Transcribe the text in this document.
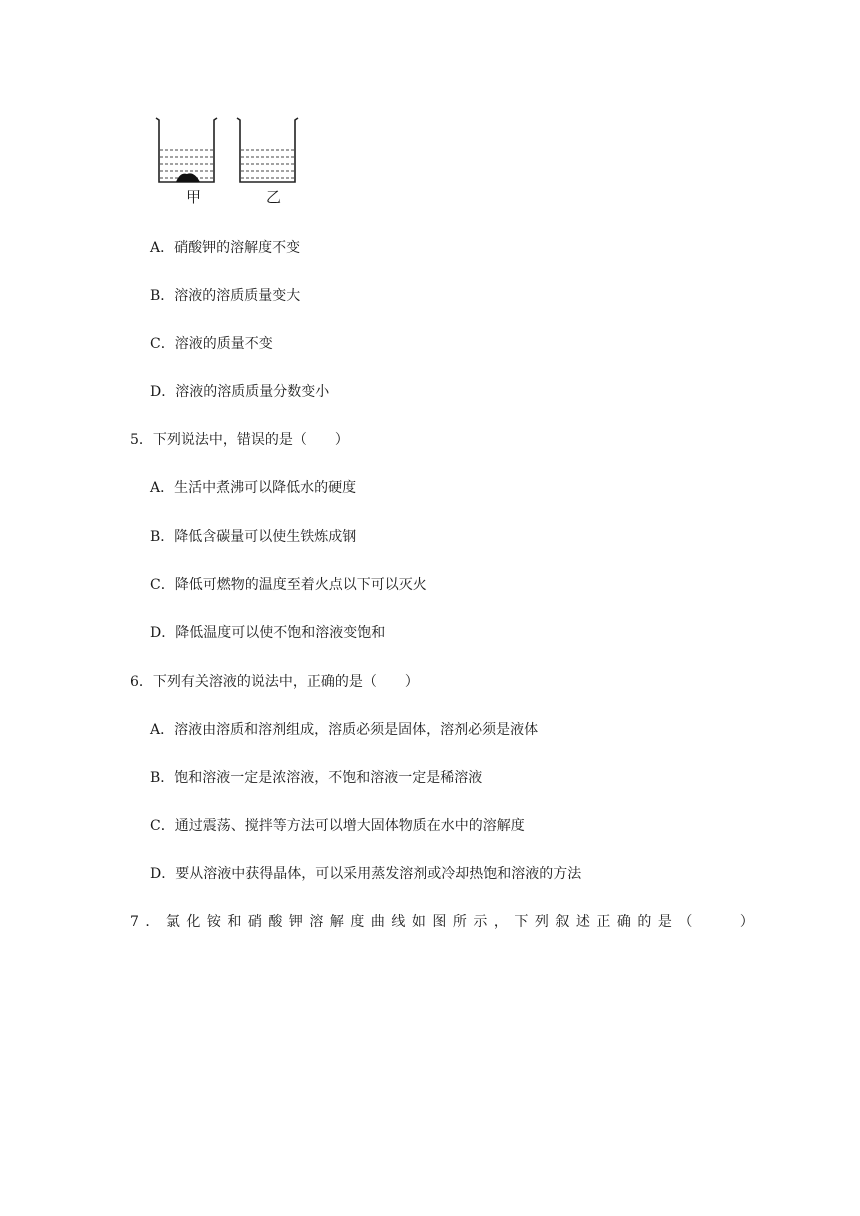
甲	乙
A．硝酸钾的溶解度不变
B．溶液的溶质质量变大
C．溶液的质量不变
D．溶液的溶质质量分数变小
5．下列说法中，错误的是（　　）
A．生活中煮沸可以降低水的硬度
B．降低含碳量可以使生铁炼成钢
C．降低可燃物的温度至着火点以下可以灭火
D．降低温度可以使不饱和溶液变饱和
6．下列有关溶液的说法中，正确的是（　　）
A．溶液由溶质和溶剂组成，溶质必须是固体，溶剂必须是液体
B．饱和溶液一定是浓溶液，不饱和溶液一定是稀溶液
C．通过震荡、搅拌等方法可以增大固体物质在水中的溶解度
D．要从溶液中获得晶体，可以采用蒸发溶剂或冷却热饱和溶液的方法
7．氯化铵和硝酸钾溶解度曲线如图所示，下列叙述正确的是（　　）
